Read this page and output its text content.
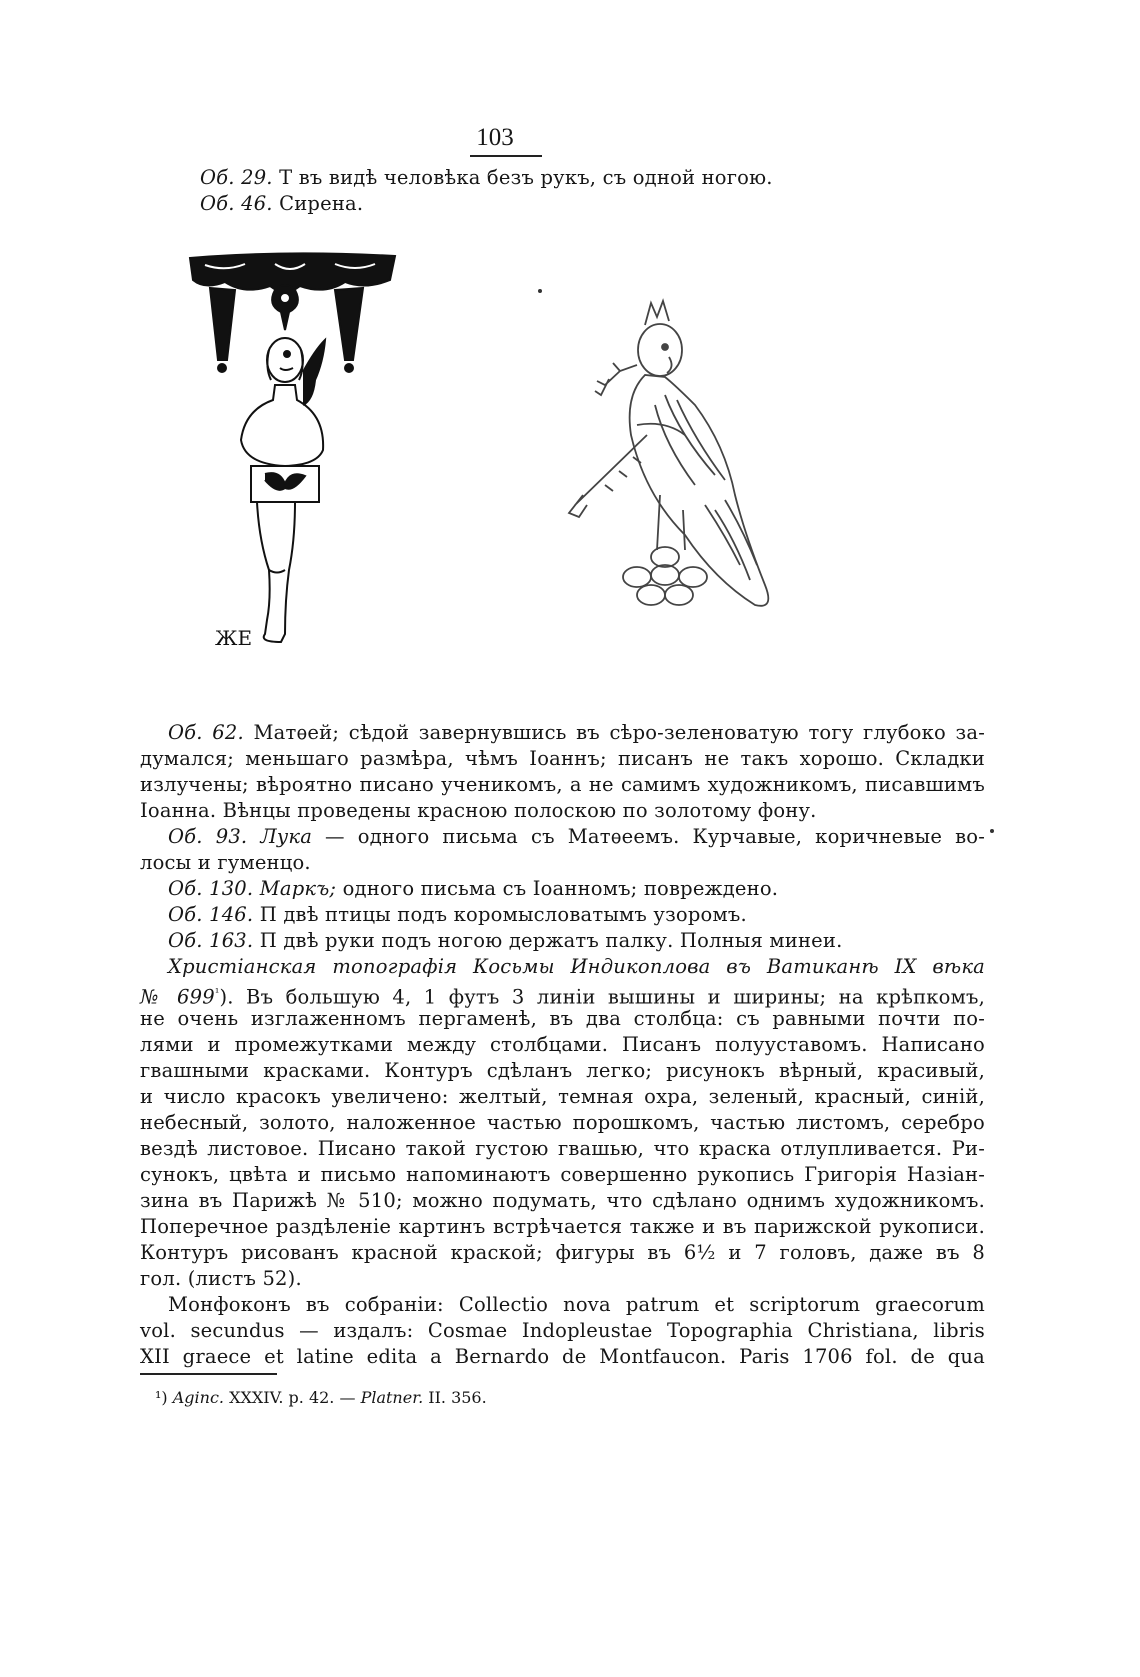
103
Об. 29. Т въ видѣ человѣка безъ рукъ, съ одной ногою.
Об. 46. Сирена.
ЖЕ
Об. 62. Матѳей; сѣдой завернувшись въ сѣро-зеленоватую тогу глубоко за-
думался; меньшаго размѣра, чѣмъ Іоаннъ; писанъ не такъ хорошо. Складки
излучены; вѣроятно писано ученикомъ, а не самимъ художникомъ, писавшимъ
Іоанна. Вѣнцы проведены красною полоскою по золотому фону.
Об. 93. Лука — одного письма съ Матѳеемъ. Курчавые, коричневые во-
лосы и гуменцо.
Об. 130. Маркъ; одного письма съ Іоанномъ; повреждено.
Об. 146. П двѣ птицы подъ коромысловатымъ узоромъ.
Об. 163. П двѣ руки подъ ногою держатъ палку. Полныя минеи.
Христіанская топографія Косьмы Индикоплова въ Ватиканѣ IX вѣка
№ $699^{^1}$). Въ большую 4, 1 футъ 3 линіи вышины и ширины; на крѣпкомъ,
не очень изглаженномъ пергаменѣ, въ два столбца: съ равными почти по-
лями и промежутками между столбцами. Писанъ полууставомъ. Написано
гвашными красками. Контуръ сдѣланъ легко; рисунокъ вѣрный, красивый,
и число красокъ увеличено: желтый, темная охра, зеленый, красный, синій,
небесный, золото, наложенное частью порошкомъ, частью листомъ, серебро
вездѣ листовое. Писано такой густою гвашью, что краска отлупливается. Ри-
сунокъ, цвѣта и письмо напоминаютъ совершенно рукопись Григорія Назіан-
зина въ Парижѣ № 510; можно подумать, что сдѣлано однимъ художникомъ.
Поперечное раздѣленіе картинъ встрѣчается также и въ парижской рукописи.
Контуръ рисованъ красной краской; фигуры въ 6½ и 7 головъ, даже въ 8
гол. (листъ 52).
Монфоконъ въ собраніи: Collectio nova patrum et scriptorum graecorum
vol. secundus — издалъ: Cosmae Indopleustae Topographia Christiana, libris
XII graece et latine edita a Bernardo de Montfaucon. Paris 1706 fol. de qua
¹) Aginc. XXXIV. p. 42. — Platner. II. 356.
